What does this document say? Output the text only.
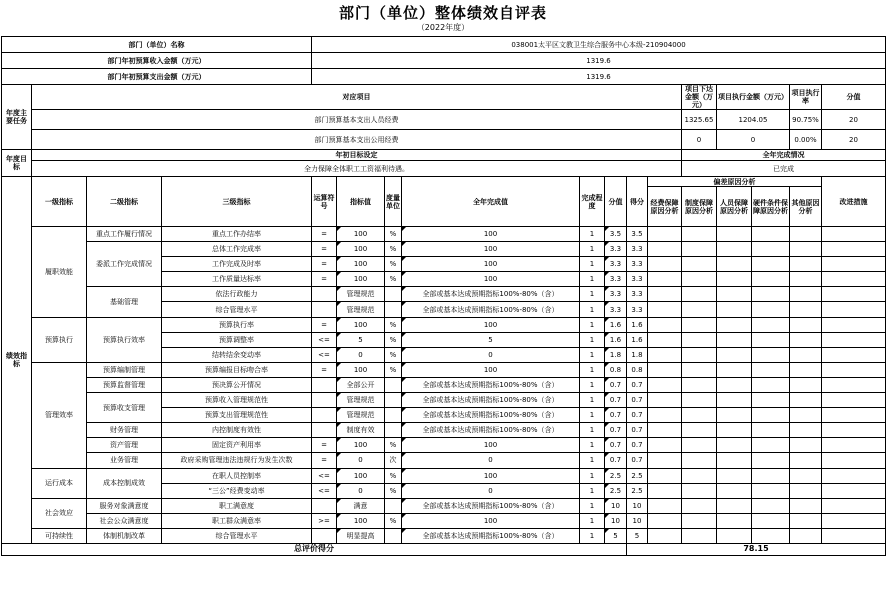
部门（单位）整体绩效自评表
（2022年度）
部门（单位）名称				038001太平区文教卫生综合服务中心本级-210904000													
部门年初预算收入金额（万元）				1319.6													
部门年初预算支出金额（万元）				1319.6													
年度主要任务	对应项目											项目下达金额（万元）	项目执行金额（万元）		项目执行率	分值	
	部门预算基本支出人员经费											1325.65	1204.05		90.75%	20	
	部门预算基本支出公用经费											0	0		0.00%	20	
年度目标	年初目标设定											全年完成情况					
	全力保障全体职工工资福利待遇。											已完成					
绩效指标	一级指标	二级指标	三级指标	运算符号	指标值	度量单位	全年完成值	完成程度	分值	得分	偏差原因分析					改进措施	
											经费保障原因分析	制度保障原因分析	人员保障原因分析	硬件条件保障原因分析	其他原因分析		
	履职效能	重点工作履行情况	重点工作办结率	=	100	%	100	1	3.5	3.5							
		委派工作完成情况	总体工作完成率	=	100	%	100	1	3.3	3.3							
			工作完成及时率	=	100	%	100	1	3.3	3.3							
			工作质量达标率	=	100	%	100	1	3.3	3.3							
		基础管理	依法行政能力		管理规范		全部或基本达成预期指标100%-80%（含）	1	3.3	3.3							
			综合管理水平		管理规范		全部或基本达成预期指标100%-80%（含）	1	3.3	3.3							
	预算执行	预算执行效率	预算执行率	=	100	%	100	1	1.6	1.6							
			预算调整率	<=	5	%	5	1	1.6	1.6							
			结转结余变动率	<=	0	%	0	1	1.8	1.8							
	管理效率	预算编制管理	预算编报目标吻合率	=	100	%	100	1	0.8	0.8							
		预算监督管理	预决算公开情况		全部公开		全部或基本达成预期指标100%-80%（含）	1	0.7	0.7							
		预算收支管理	预算收入管理规范性		管理规范		全部或基本达成预期指标100%-80%（含）	1	0.7	0.7							
			预算支出管理规范性		管理规范		全部或基本达成预期指标100%-80%（含）	1	0.7	0.7							
		财务管理	内控制度有效性		制度有效		全部或基本达成预期指标100%-80%（含）	1	0.7	0.7							
		资产管理	固定资产利用率	=	100	%	100	1	0.7	0.7							
		业务管理	政府采购管理违法违规行为发生次数	=	0	次	0	1	0.7	0.7							
	运行成本	成本控制成效	在职人员控制率	<=	100	%	100	1	2.5	2.5							
			“三公”经费变动率	<=	0	%	0	1	2.5	2.5							
	社会效应	服务对象满意度	职工满意度		满意		全部或基本达成预期指标100%-80%（含）	1	10	10							
		社会公众满意度	职工群众满意率	>=	100	%	100	1	10	10							
	可持续性	体制机制改革	综合管理水平		明显提高		全部或基本达成预期指标100%-80%（含）	1	5	5							
总评价得分										78.15							
